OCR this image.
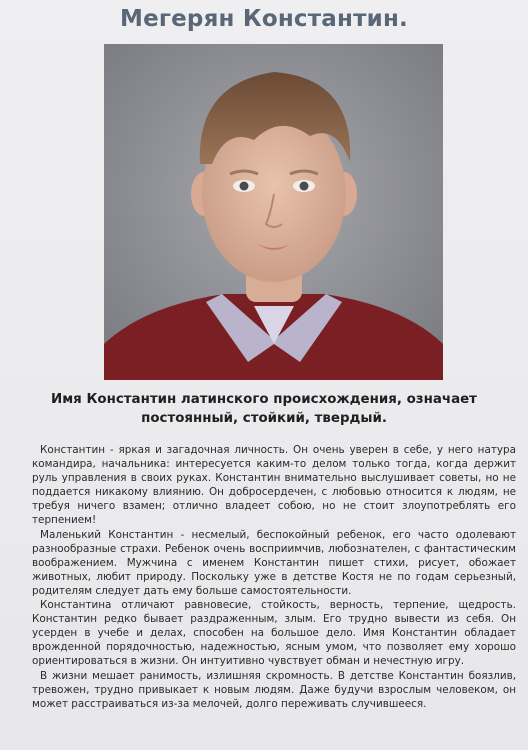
Мегерян Константин.
Имя Константин латинского происхождения, означает
постоянный, стойкий, твердый.

Константин - яркая и загадочная личность. Он очень уверен в себе, у него натура командира, начальника: интересуется каким-то делом только тогда, когда держит руль управления в своих руках. Константин внимательно выслушивает советы, но не поддается никакому влиянию. Он добросердечен, с любовью относится к людям, не требуя ничего взамен; отлично владеет собою, но не стоит злоупотреблять его терпением!

Маленький Константин - несмелый, беспокойный ребенок, его часто одолевают разнообразные страхи. Ребенок очень восприимчив, любознателен, с фантастическим воображением. Мужчина с именем Константин пишет стихи, рисует, обожает животных, любит природу. Поскольку уже в детстве Костя не по годам серьезный, родителям следует дать ему больше самостоятельности.

Константина отличают равновесие, стойкость, верность, терпение, щедрость. Константин редко бывает раздраженным, злым. Его трудно вывести из себя. Он усерден в учебе и делах, способен на большое дело. Имя Константин обладает врожденной порядочностью, надежностью, ясным умом, что позволяет ему хорошо ориентироваться в жизни. Он интуитивно чувствует обман и нечестную игру.

В жизни мешает ранимость, излишняя скромность. В детстве Константин боязлив, тревожен, трудно привыкает к новым людям. Даже будучи взрослым человеком, он может расстраиваться из-за мелочей, долго переживать случившееся.
